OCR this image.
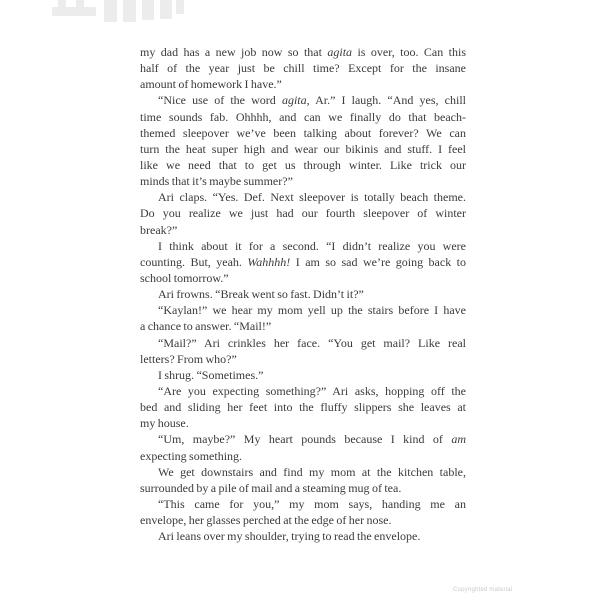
my dad has a new job now so that agita is over, too. Can this
half of the year just be chill time? Except for the insane
amount of homework I have.”
“Nice use of the word agita, Ar.” I laugh. “And yes, chill
time sounds fab. Ohhhh, and can we finally do that beach-
themed sleepover we’ve been talking about forever? We can
turn the heat super high and wear our bikinis and stuff. I feel
like we need that to get us through winter. Like trick our
minds that it’s maybe summer?”
Ari claps. “Yes. Def. Next sleepover is totally beach theme.
Do you realize we just had our fourth sleepover of winter
break?”
I think about it for a second. “I didn’t realize you were
counting. But, yeah. Wahhhh! I am so sad we’re going back to
school tomorrow.”
Ari frowns. “Break went so fast. Didn’t it?”
“Kaylan!” we hear my mom yell up the stairs before I have
a chance to answer. “Mail!”
“Mail?” Ari crinkles her face. “You get mail? Like real
letters? From who?”
I shrug. “Sometimes.”
“Are you expecting something?” Ari asks, hopping off the
bed and sliding her feet into the fluffy slippers she leaves at
my house.
“Um, maybe?” My heart pounds because I kind of am
expecting something.
We get downstairs and find my mom at the kitchen table,
surrounded by a pile of mail and a steaming mug of tea.
“This came for you,” my mom says, handing me an
envelope, her glasses perched at the edge of her nose.
Ari leans over my shoulder, trying to read the envelope.
Copyrighted material
